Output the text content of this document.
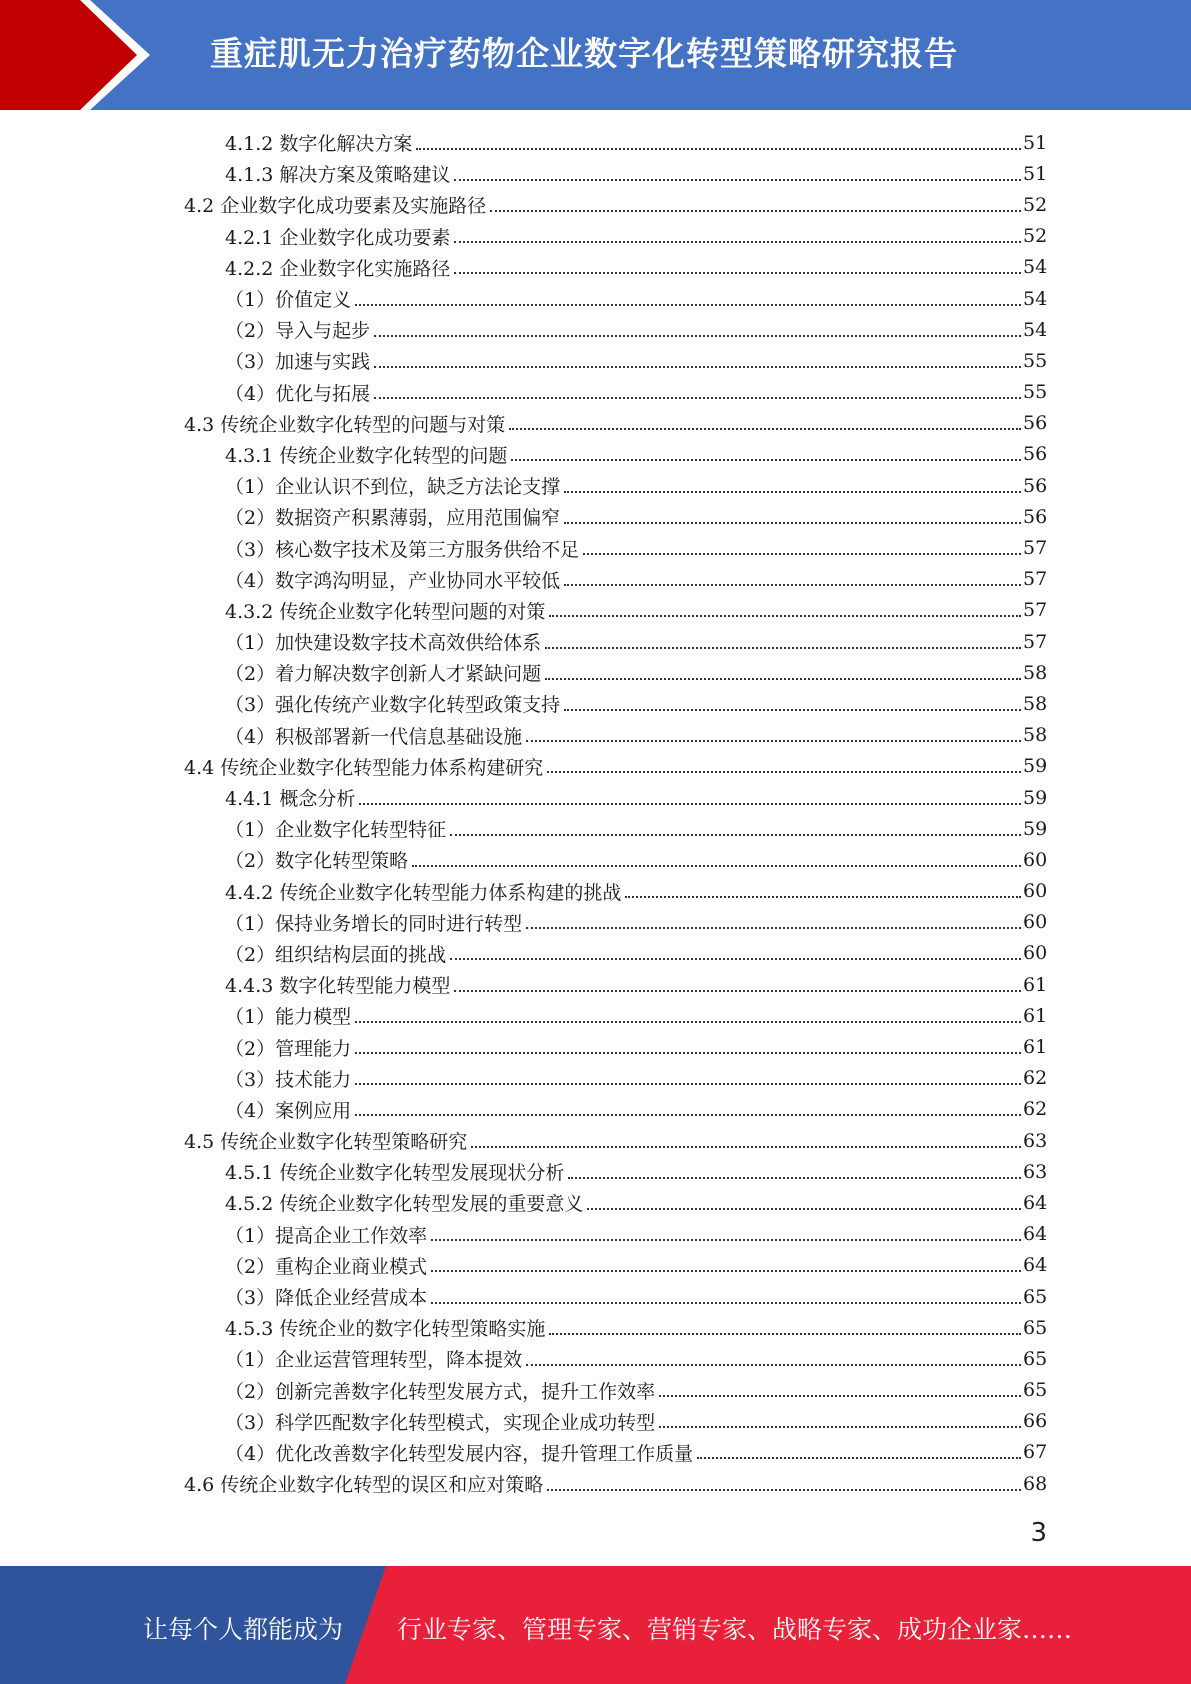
重症肌无力治疗药物企业数字化转型策略研究报告
4.1.2 数字化解决方案	51
4.1.3 解决方案及策略建议	51
4.2 企业数字化成功要素及实施路径	52
4.2.1 企业数字化成功要素	52
4.2.2 企业数字化实施路径	54
（1）价值定义	54
（2）导入与起步	54
（3）加速与实践	55
（4）优化与拓展	55
4.3 传统企业数字化转型的问题与对策	56
4.3.1 传统企业数字化转型的问题	56
（1）企业认识不到位，缺乏方法论支撑	56
（2）数据资产积累薄弱，应用范围偏窄	56
（3）核心数字技术及第三方服务供给不足	57
（4）数字鸿沟明显，产业协同水平较低	57
4.3.2 传统企业数字化转型问题的对策	57
（1）加快建设数字技术高效供给体系	57
（2）着力解决数字创新人才紧缺问题	58
（3）强化传统产业数字化转型政策支持	58
（4）积极部署新一代信息基础设施	58
4.4 传统企业数字化转型能力体系构建研究	59
4.4.1 概念分析	59
（1）企业数字化转型特征	59
（2）数字化转型策略	60
4.4.2 传统企业数字化转型能力体系构建的挑战	60
（1）保持业务增长的同时进行转型	60
（2）组织结构层面的挑战	60
4.4.3 数字化转型能力模型	61
（1）能力模型	61
（2）管理能力	61
（3）技术能力	62
（4）案例应用	62
4.5 传统企业数字化转型策略研究	63
4.5.1 传统企业数字化转型发展现状分析	63
4.5.2 传统企业数字化转型发展的重要意义	64
（1）提高企业工作效率	64
（2）重构企业商业模式	64
（3）降低企业经营成本	65
4.5.3 传统企业的数字化转型策略实施	65
（1）企业运营管理转型，降本提效	65
（2）创新完善数字化转型发展方式，提升工作效率	65
（3）科学匹配数字化转型模式，实现企业成功转型	66
（4）优化改善数字化转型发展内容，提升管理工作质量	67
4.6 传统企业数字化转型的误区和应对策略	68
3
让每个人都能成为 行业专家、管理专家、营销专家、战略专家、成功企业家……
